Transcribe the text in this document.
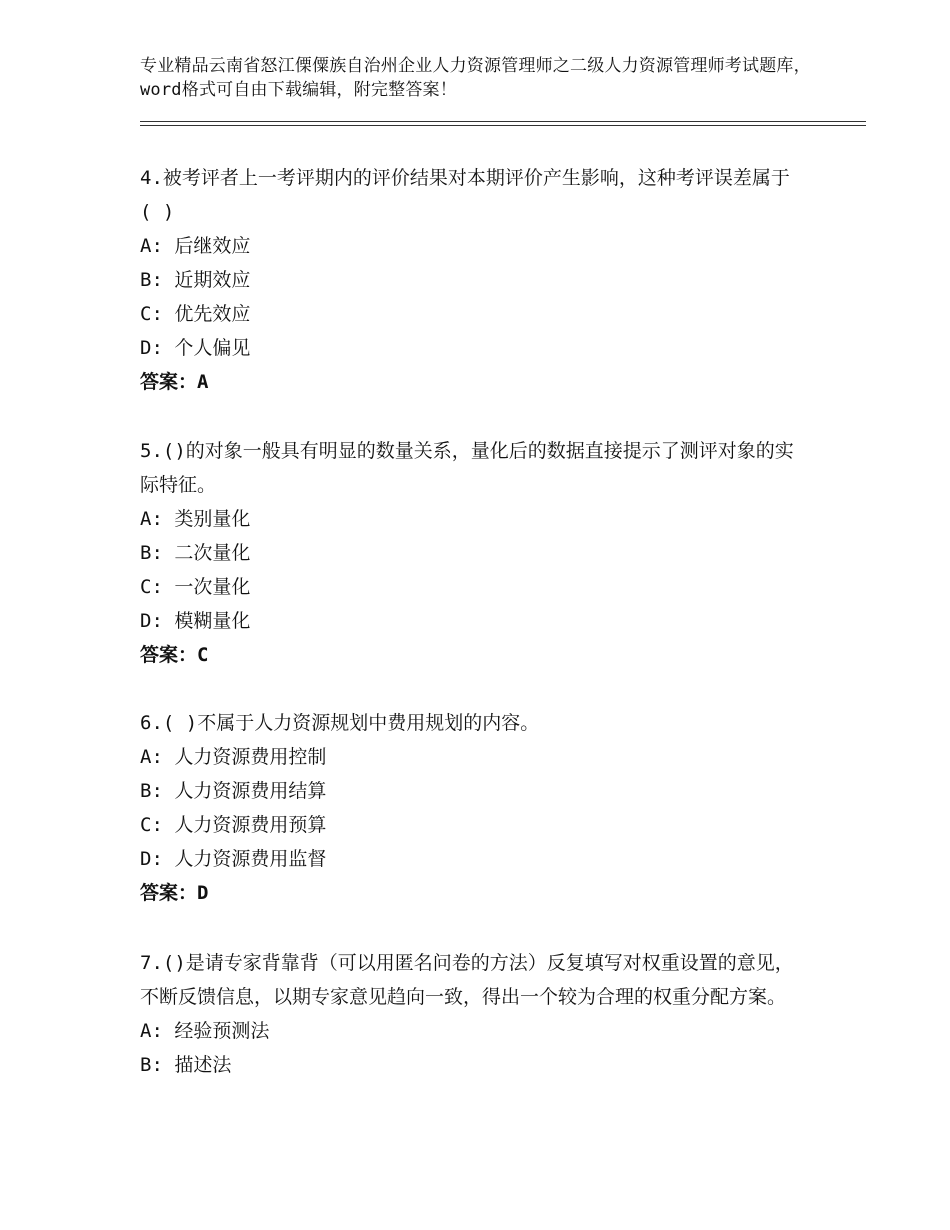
专业精品云南省怒江傈僳族自治州企业人力资源管理师之二级人力资源管理师考试题库，word格式可自由下载编辑，附完整答案！

4.被考评者上一考评期内的评价结果对本期评价产生影响，这种考评误差属于( )

A: 后继效应

B: 近期效应

C: 优先效应

D: 个人偏见

答案：A

5.()的对象一般具有明显的数量关系，量化后的数据直接提示了测评对象的实际特征。

A: 类别量化

B: 二次量化

C: 一次量化

D: 模糊量化

答案：C

6.( )不属于人力资源规划中费用规划的内容。

A: 人力资源费用控制

B: 人力资源费用结算

C: 人力资源费用预算

D: 人力资源费用监督

答案：D

7.()是请专家背靠背（可以用匿名问卷的方法）反复填写对权重设置的意见，不断反馈信息，以期专家意见趋向一致，得出一个较为合理的权重分配方案。

A: 经验预测法

B: 描述法
